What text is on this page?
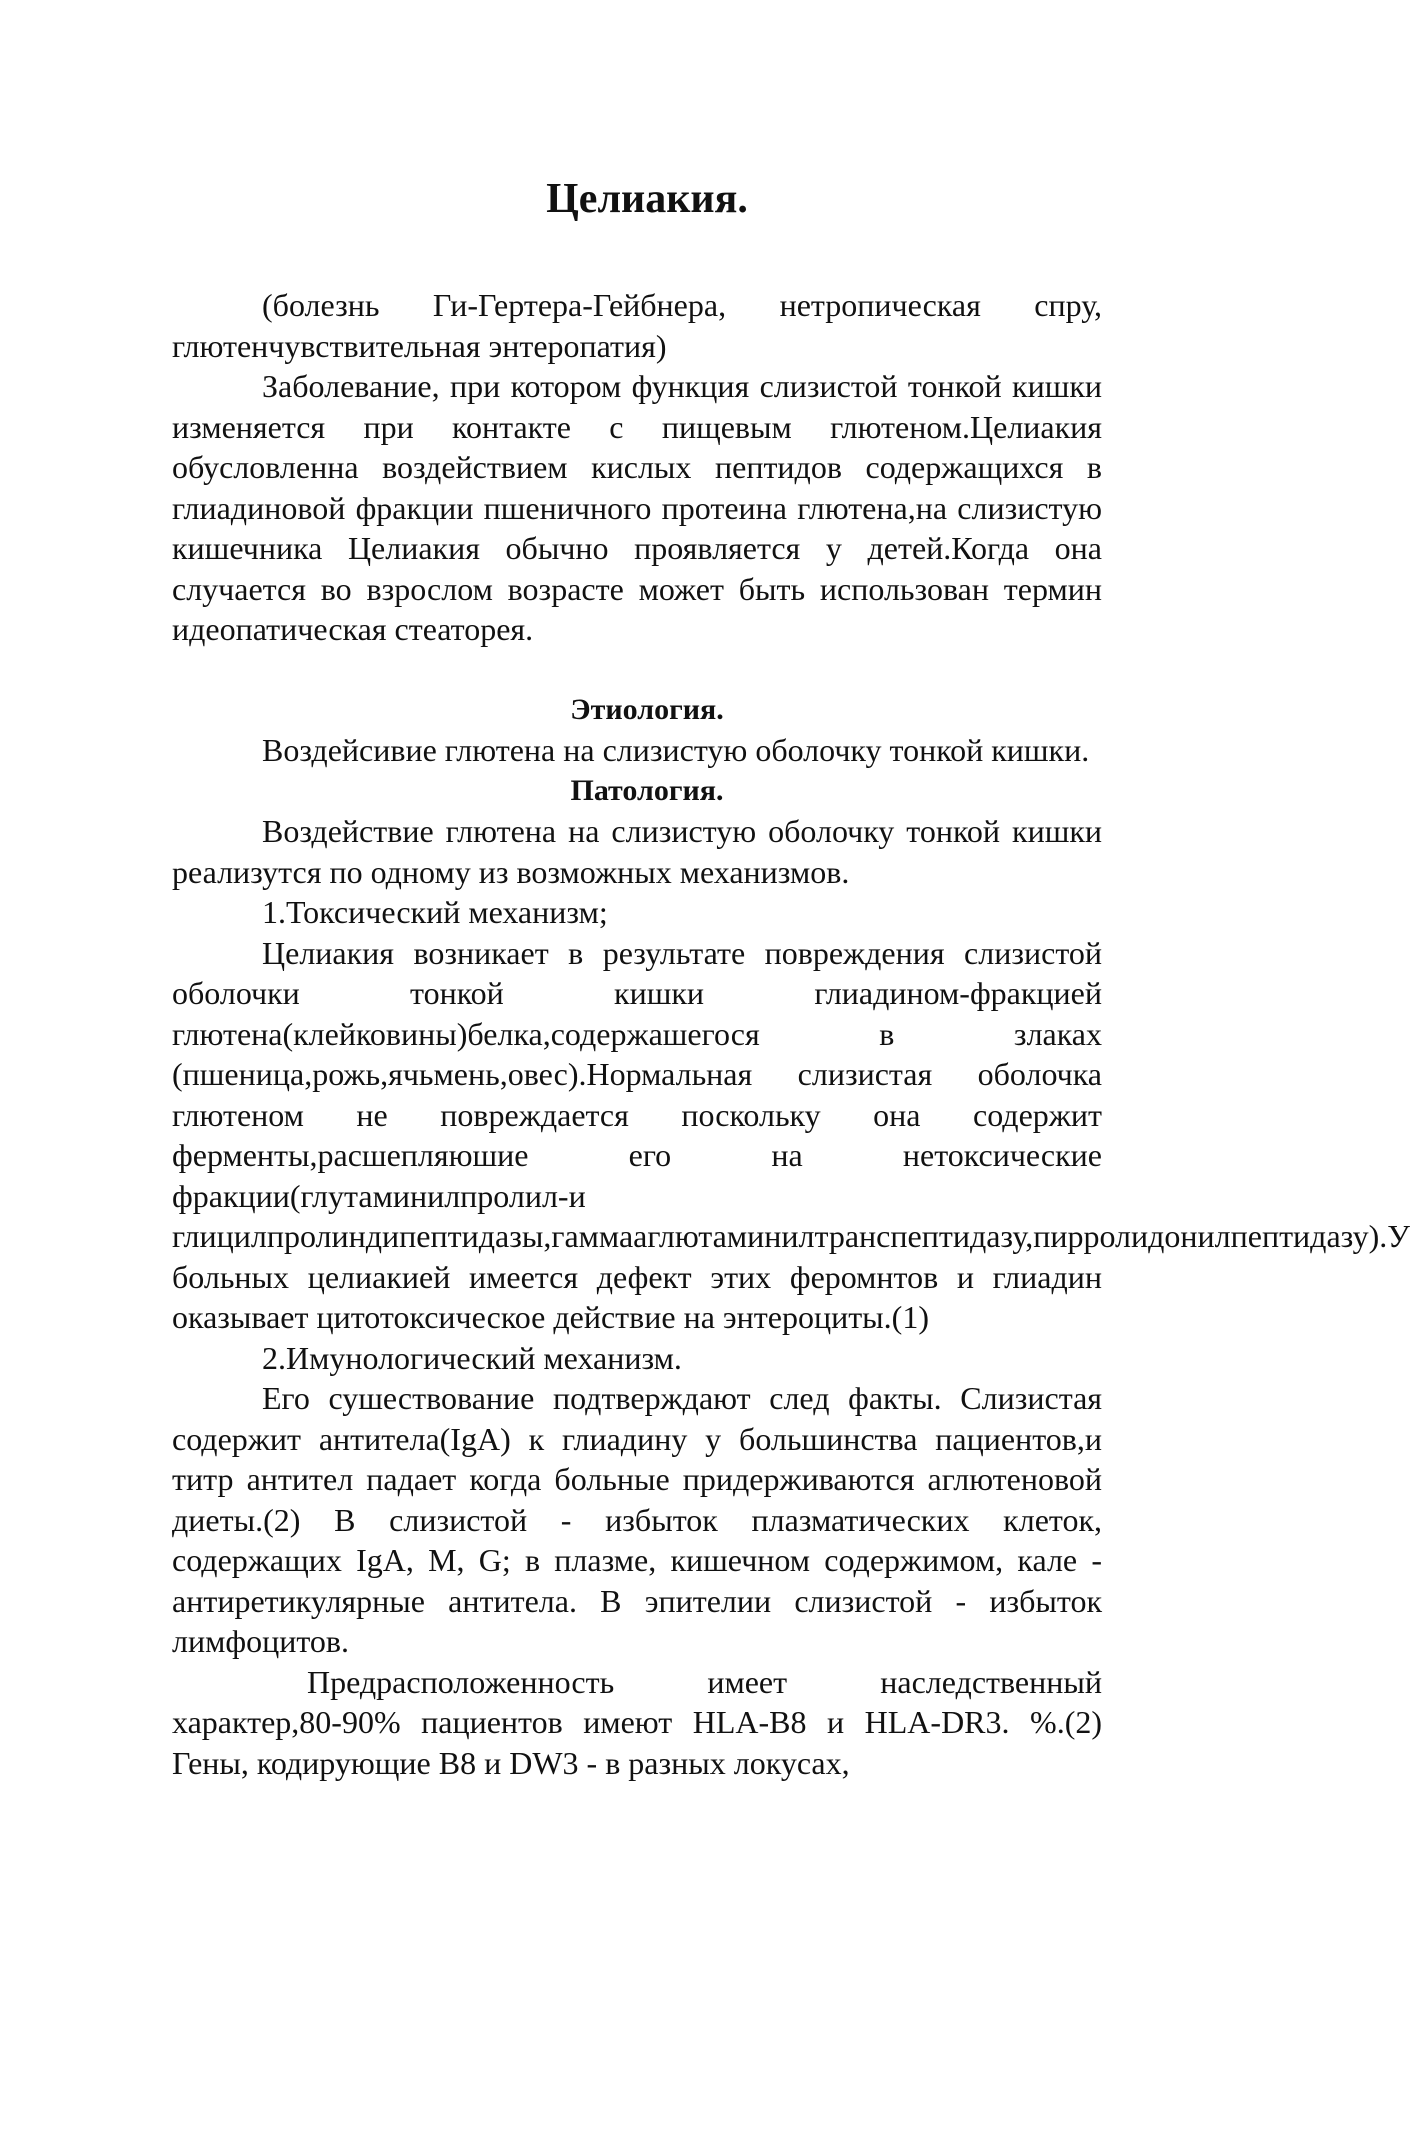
Целиакия.

(болезнь Ги-Гертера-Гейбнера, нетропическая спру, глютенчувствительная энтеропатия)

Заболевание, при котором функция слизистой тонкой кишки изменяется при контакте с пищевым глютеном.Целиакия обусловленна воздействием кислых пептидов содержащихся в глиадиновой фракции пшеничного протеина глютена,на слизистую кишечника Целиакия обычно проявляется у детей.Когда она случается во взрослом возрасте может быть использован термин идеопатическая стеаторея.

Этиология.

Воздейсивие глютена на слизистую оболочку тонкой кишки.

Патология.

Воздействие глютена на слизистую оболочку тонкой кишки реализутся по одному из возможных механизмов.

1.Токсический механизм;

Целиакия возникает в результате повреждения слизистой оболочки тонкой кишки глиадином-фракцией глютена(клейковины)белка,содержашегося в злаках (пшеница,рожь,ячьмень,овес).Нормальная слизистая оболочка глютеном не повреждается поскольку она содержит ферменты,расшепляюшие его на нетоксические фракции(глутаминилпролил-и глицилпролиндипептидазы,гаммааглютаминилтранспептидазу,пирролидонилпептидазу).У больных целиакией имеется дефект этих феромнтов и глиадин оказывает цитотоксическое действие на энтероциты.(1)

2.Имунологический механизм.

Его сушествование подтверждают след факты. Слизистая содержит антитела(IgA) к глиадину у большинства пациентов,и титр антител падает когда больные придерживаются аглютеновой диеты.(2) В слизистой - избыток плазматических клеток, содержащих IgA, M, G; в плазме, кишечном содержимом, кале - антиретикулярные антитела. В эпителии слизистой - избыток лимфоцитов.

Предрасположенность имеет наследственный характер,80-90% пациентов имеют HLA-B8 и HLA-DR3. %.(2) Гены, кодирующие B8 и DW3 - в разных локусах,
